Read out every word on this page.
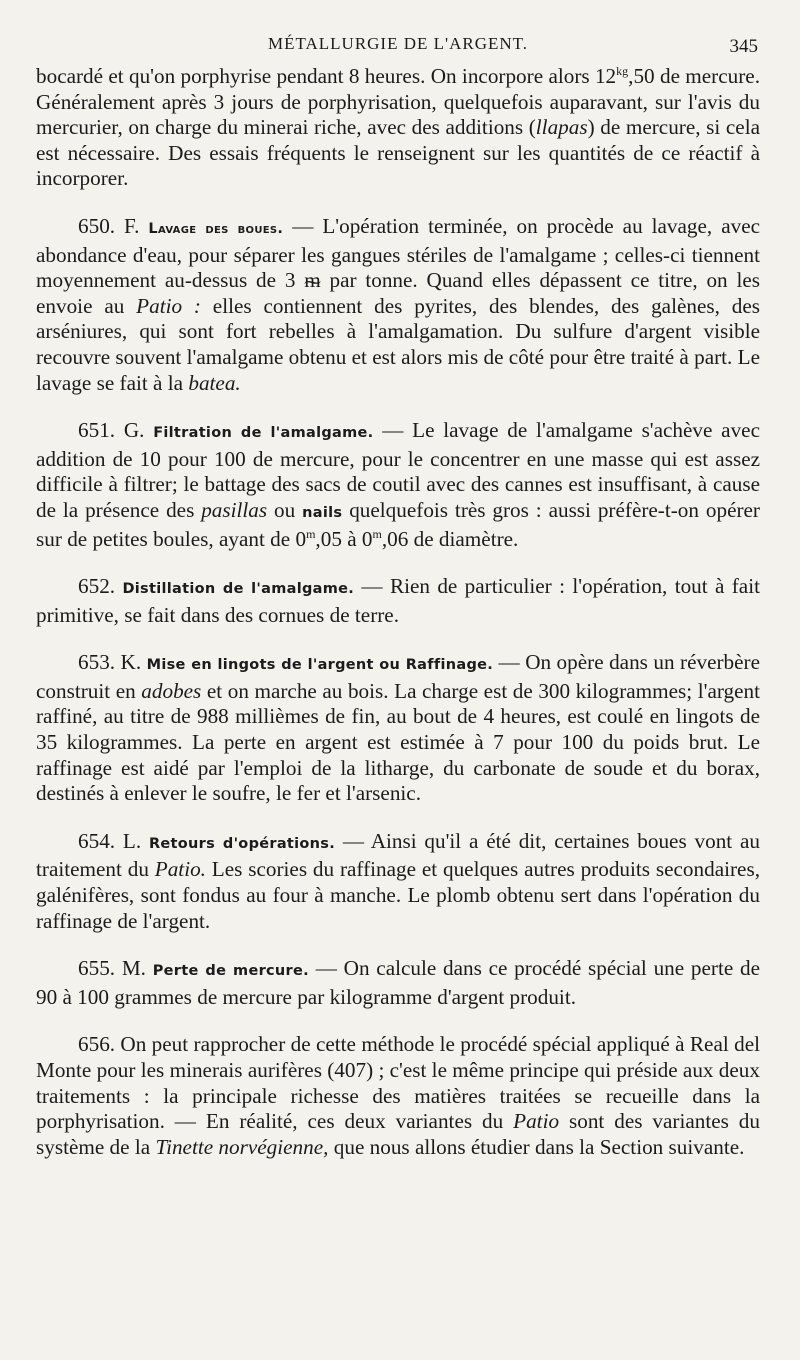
MÉTALLURGIE DE L'ARGENT.	345

bocardé et qu'on porphyrise pendant 8 heures. On incorpore alors $12^{kg},50$ de mercure. Généralement après 3 jours de porphyrisation, quelquefois auparavant, sur l'avis du mercurier, on charge du minerai riche, avec des additions (llapas) de mercure, si cela est nécessaire. Des essais fréquents le renseignent sur les quantités de ce réactif à incorporer.

650. F. Lavage des boues. — L'opération terminée, on procède au lavage, avec abondance d'eau, pour séparer les gangues stériles de l'amalgame ; celles-ci tiennent moyennement au-dessus de 3 ᵯ par tonne. Quand elles dépassent ce titre, on les envoie au Patio : elles contiennent des pyrites, des blendes, des galènes, des arséniures, qui sont fort rebelles à l'amalgamation. Du sulfure d'argent visible recouvre souvent l'amalgame obtenu et est alors mis de côté pour être traité à part. Le lavage se fait à la batea.

651. G. Filtration de l'amalgame. — Le lavage de l'amalgame s'achève avec addition de 10 pour 100 de mercure, pour le concentrer en une masse qui est assez difficile à filtrer; le battage des sacs de coutil avec des cannes est insuffisant, à cause de la présence des pasillas ou nails quelquefois très gros : aussi préfère-t-on opérer sur de petites boules, ayant de 0$^m$,05 à 0$^m$,06 de diamètre.

652. Distillation de l'amalgame. — Rien de particulier : l'opération, tout à fait primitive, se fait dans des cornues de terre.

653. K. Mise en lingots de l'argent ou Raffinage. — On opère dans un réverbère construit en adobes et on marche au bois. La charge est de 300 kilogrammes; l'argent raffiné, au titre de 988 millièmes de fin, au bout de 4 heures, est coulé en lingots de 35 kilogrammes. La perte en argent est estimée à 7 pour 100 du poids brut. Le raffinage est aidé par l'emploi de la litharge, du carbonate de soude et du borax, destinés à enlever le soufre, le fer et l'arsenic.

654. L. Retours d'opérations. — Ainsi qu'il a été dit, certaines boues vont au traitement du Patio. Les scories du raffinage et quelques autres produits secondaires, galénifères, sont fondus au four à manche. Le plomb obtenu sert dans l'opération du raffinage de l'argent.

655. M. Perte de mercure. — On calcule dans ce procédé spécial une perte de 90 à 100 grammes de mercure par kilogramme d'argent produit.

656. On peut rapprocher de cette méthode le procédé spécial appliqué à Real del Monte pour les minerais aurifères (407) ; c'est le même principe qui préside aux deux traitements : la principale richesse des matières traitées se recueille dans la porphyrisation. — En réalité, ces deux variantes du Patio sont des variantes du système de la Tinette norvégienne, que nous allons étudier dans la Section suivante.
